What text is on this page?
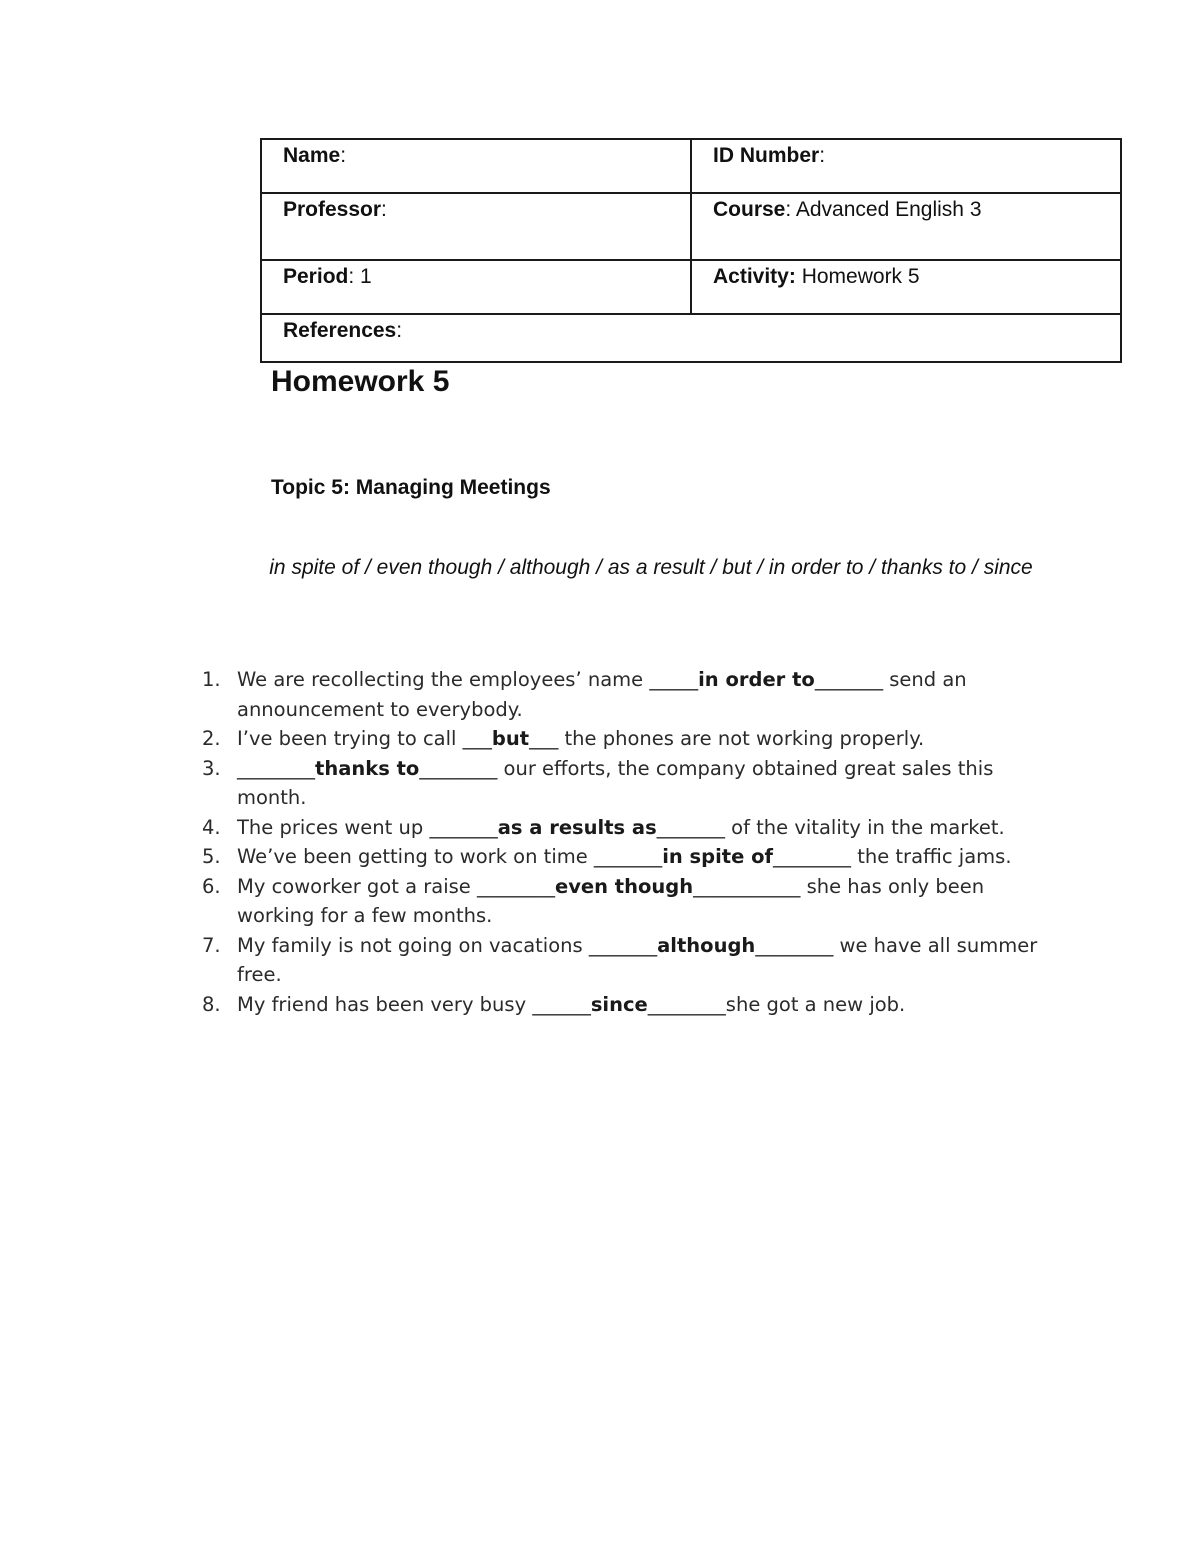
Name:	ID Number:
Professor:	Course: Advanced English 3
Period: 1	Activity: Homework 5
References:	
Homework 5
Topic 5: Managing Meetings

in spite of / even though / although / as a result / but / in order to / thanks to / since

1. We are recollecting the employees’ name _____in order to_______ send an announcement to everybody.
2. I’ve been trying to call ___but___ the phones are not working properly.
3. ________thanks to________ our efforts, the company obtained great sales this month.
4. The prices went up _______as a results as_______ of the vitality in the market.
5. We’ve been getting to work on time _______in spite of________ the traffic jams.
6. My coworker got a raise ________even though___________ she has only been working for a few months.
7. My family is not going on vacations _______although________ we have all summer free.
8. My friend has been very busy ______since________she got a new job.
